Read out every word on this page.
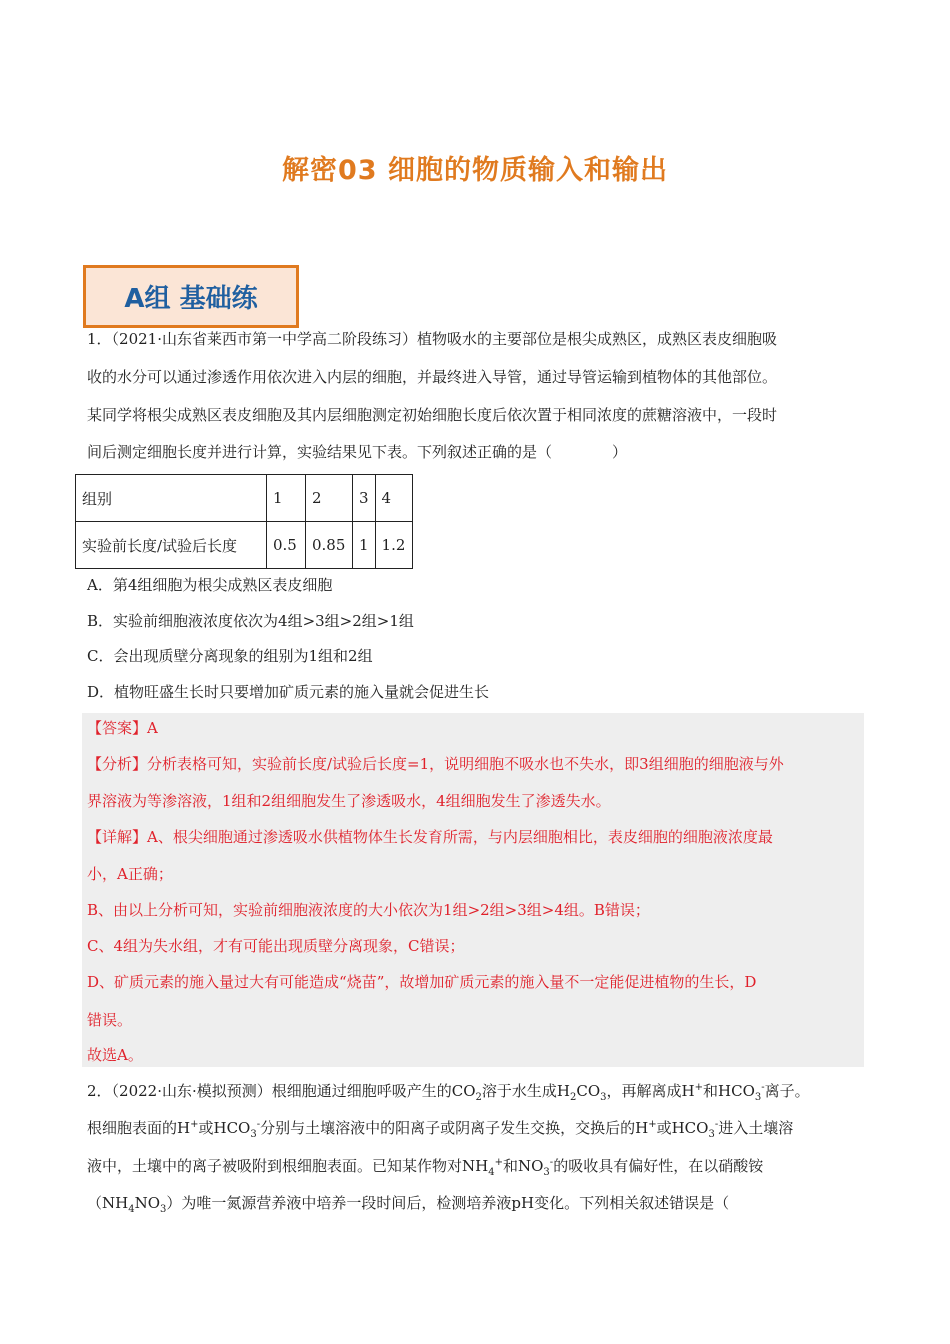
解密03 细胞的物质输入和输出
A组 基础练
1．（2021·山东省莱西市第一中学高二阶段练习）植物吸水的主要部位是根尖成熟区，成熟区表皮细胞吸
收的水分可以通过渗透作用依次进入内层的细胞，并最终进入导管，通过导管运输到植物体的其他部位。
某同学将根尖成熟区表皮细胞及其内层细胞测定初始细胞长度后依次置于相同浓度的蔗糖溶液中，一段时
间后测定细胞长度并进行计算，实验结果见下表。下列叙述正确的是（　　　　）
组别	1	2	3	4
实验前长度/试验后长度	0.5	0.85	1	1.2
A．第4组细胞为根尖成熟区表皮细胞
B．实验前细胞液浓度依次为4组>3组>2组>1组
C．会出现质壁分离现象的组别为1组和2组
D．植物旺盛生长时只要增加矿质元素的施入量就会促进生长
【答案】A
【分析】分析表格可知，实验前长度/试验后长度=1，说明细胞不吸水也不失水，即3组细胞的细胞液与外
界溶液为等渗溶液，1组和2组细胞发生了渗透吸水，4组细胞发生了渗透失水。
【详解】A、根尖细胞通过渗透吸水供植物体生长发育所需，与内层细胞相比，表皮细胞的细胞液浓度最
小，A正确；
B、由以上分析可知，实验前细胞液浓度的大小依次为1组>2组>3组>4组。B错误；
C、4组为失水组，才有可能出现质壁分离现象，C错误；
D、矿质元素的施入量过大有可能造成“烧苗”，故增加矿质元素的施入量不一定能促进植物的生长，D
错误。
故选A。
2．（2022·山东·模拟预测）根细胞通过细胞呼吸产生的$CO_2$溶于水生成$H_2CO_3$，再解离成H+和$HCO_3^-$离子。
根细胞表面的H+或$HCO_3^-$分别与土壤溶液中的阳离子或阴离子发生交换，交换后的H+或$HCO_3^-$进入土壤溶
液中，土壤中的离子被吸附到根细胞表面。已知某作物对$NH_4^+$和$NO_3^-$的吸收具有偏好性，在以硝酸铵
$(NH_4NO_3)$为唯一氮源营养液中培养一段时间后，检测培养液pH变化。下列相关叙述错误是（
